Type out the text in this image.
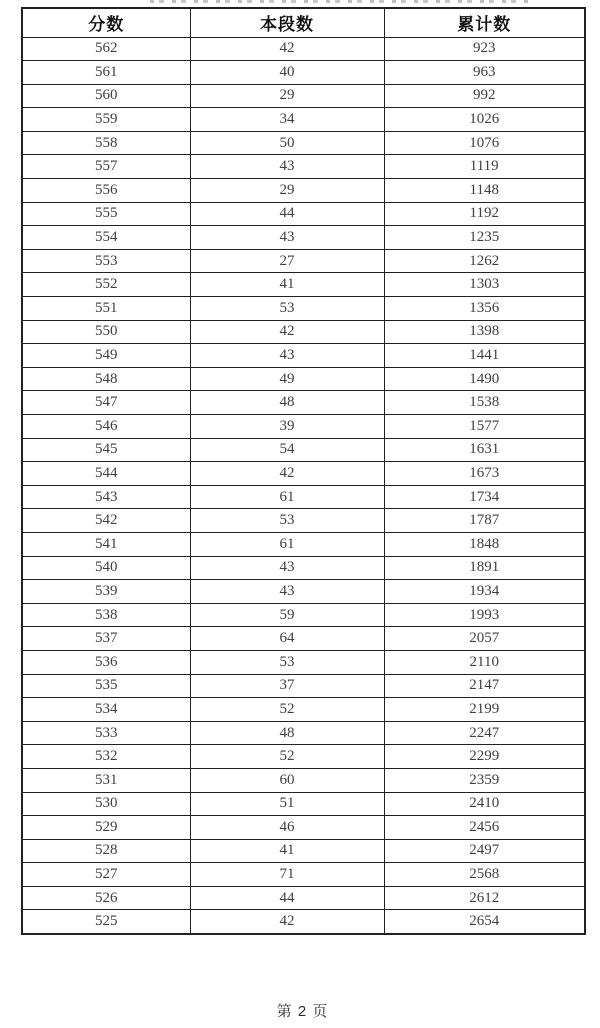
分数	本段数	累计数
562	42	923
561	40	963
560	29	992
559	34	1026
558	50	1076
557	43	1119
556	29	1148
555	44	1192
554	43	1235
553	27	1262
552	41	1303
551	53	1356
550	42	1398
549	43	1441
548	49	1490
547	48	1538
546	39	1577
545	54	1631
544	42	1673
543	61	1734
542	53	1787
541	61	1848
540	43	1891
539	43	1934
538	59	1993
537	64	2057
536	53	2110
535	37	2147
534	52	2199
533	48	2247
532	52	2299
531	60	2359
530	51	2410
529	46	2456
528	41	2497
527	71	2568
526	44	2612
525	42	2654
第 2 页
